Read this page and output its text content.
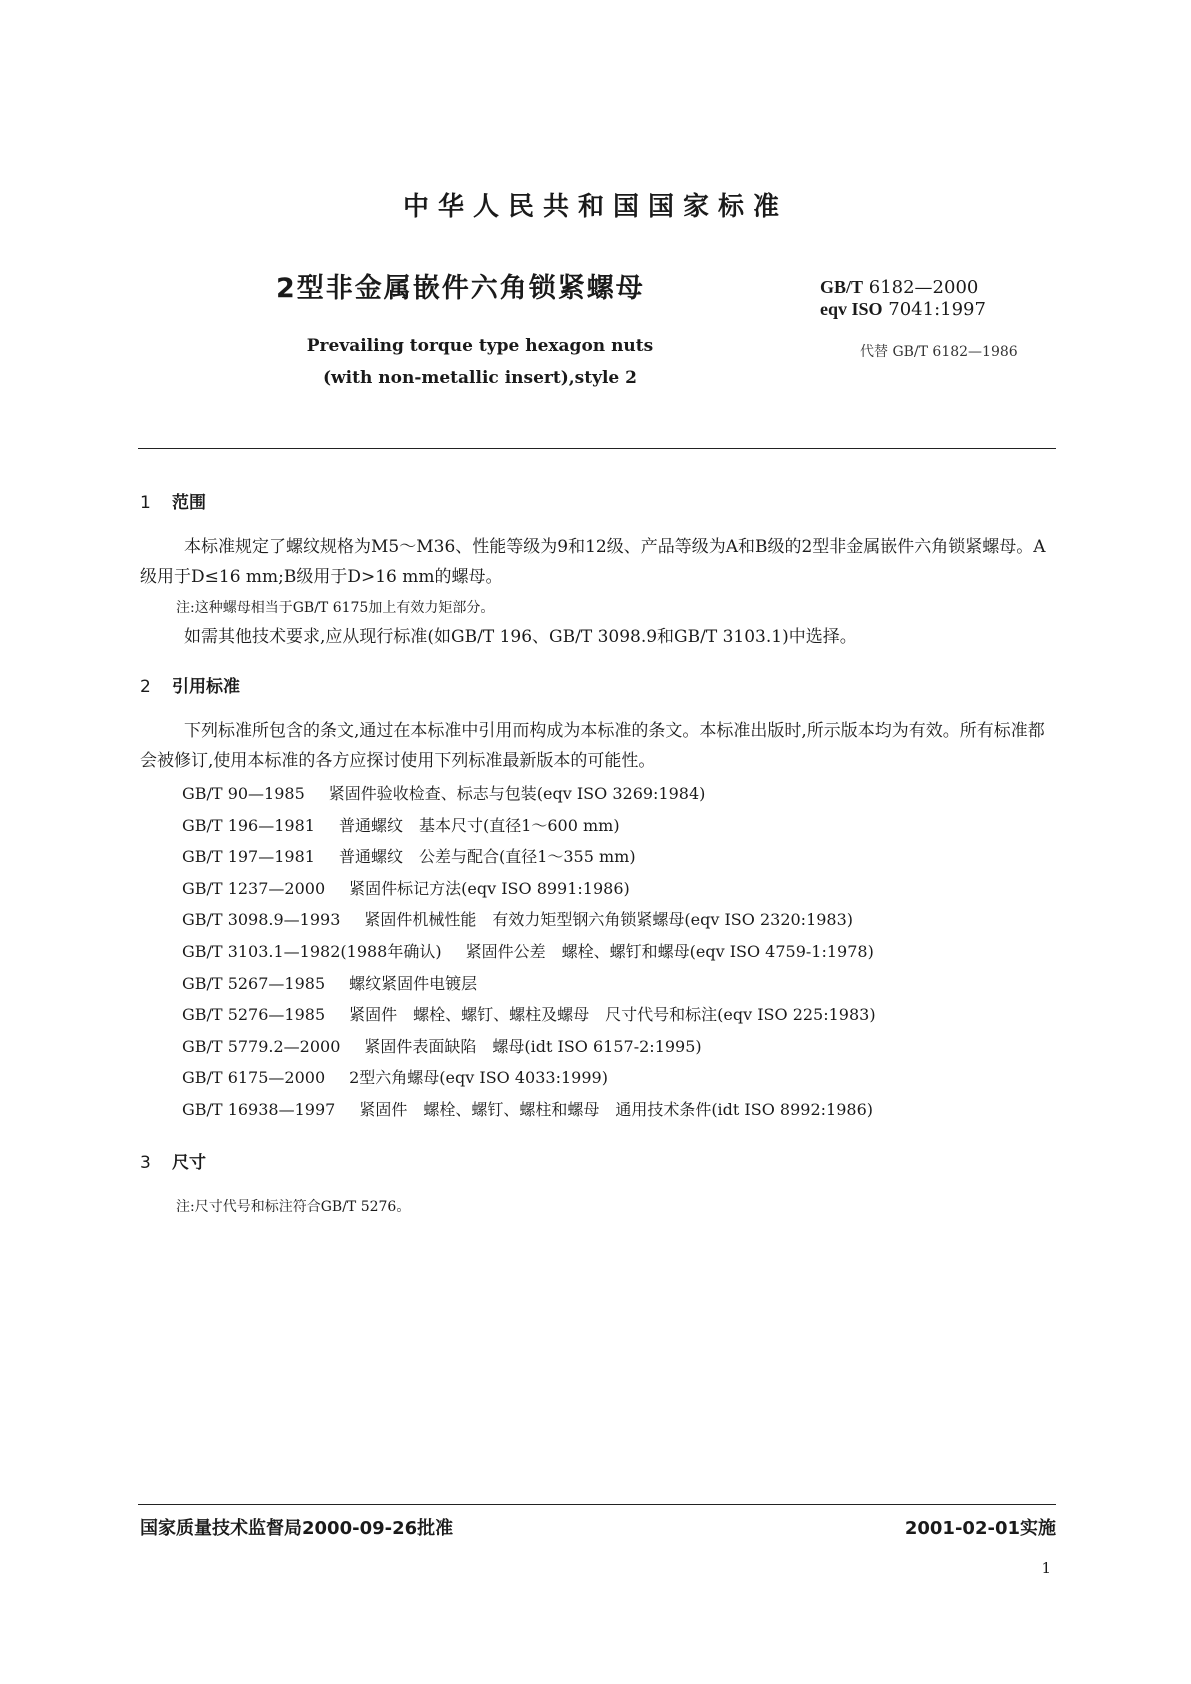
中华人民共和国国家标准
2型非金属嵌件六角锁紧螺母	GB/T 6182—2000
eqv ISO 7041:1997
Prevailing torque type hexagon nuts
(with non-metallic insert),style 2
代替 GB/T 6182—1986
1 范围
本标准规定了螺纹规格为M5～M36、性能等级为9和12级、产品等级为A和B级的2型非金属嵌件六角锁紧螺母。A级用于D≤16 mm;B级用于D>16 mm的螺母。
注:这种螺母相当于GB/T 6175加上有效力矩部分。
如需其他技术要求,应从现行标准(如GB/T 196、GB/T 3098.9和GB/T 3103.1)中选择。
2 引用标准
下列标准所包含的条文,通过在本标准中引用而构成为本标准的条文。本标准出版时,所示版本均为有效。所有标准都会被修订,使用本标准的各方应探讨使用下列标准最新版本的可能性。
GB/T 90—1985 紧固件验收检查、标志与包装(eqv ISO 3269:1984)
GB/T 196—1981 普通螺纹　基本尺寸(直径1～600 mm)
GB/T 197—1981 普通螺纹　公差与配合(直径1～355 mm)
GB/T 1237—2000 紧固件标记方法(eqv ISO 8991:1986)
GB/T 3098.9—1993 紧固件机械性能　有效力矩型钢六角锁紧螺母(eqv ISO 2320:1983)
GB/T 3103.1—1982(1988年确认) 紧固件公差　螺栓、螺钉和螺母(eqv ISO 4759-1:1978)
GB/T 5267—1985 螺纹紧固件电镀层
GB/T 5276—1985 紧固件　螺栓、螺钉、螺柱及螺母　尺寸代号和标注(eqv ISO 225:1983)
GB/T 5779.2—2000 紧固件表面缺陷　螺母(idt ISO 6157-2:1995)
GB/T 6175—2000 2型六角螺母(eqv ISO 4033:1999)
GB/T 16938—1997 紧固件　螺栓、螺钉、螺柱和螺母　通用技术条件(idt ISO 8992:1986)
3 尺寸
注:尺寸代号和标注符合GB/T 5276。
国家质量技术监督局2000-09-26批准	2001-02-01实施
1
